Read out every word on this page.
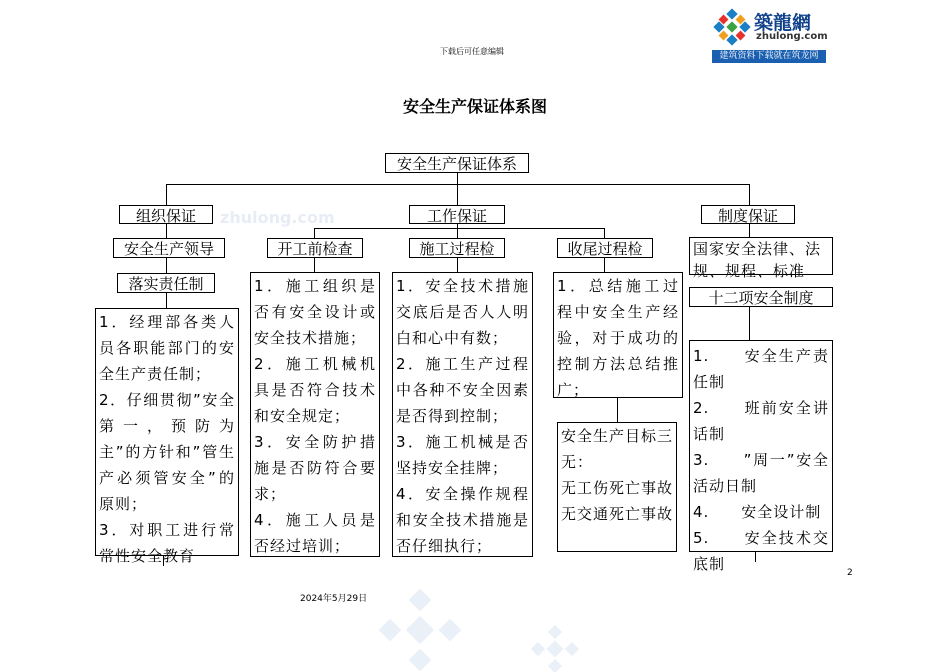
下载后可任意编辑
築龍網
zhulong.com
建筑资料下载就在筑龙网
安全生产保证体系图
zhulong.com
安全生产保证体系
组织保证	工作保证	制度保证
安全生产领导
落实责任制

1．经理部各类人员各职能部门的安全生产责任制；

2．仔细贯彻”安全第一，预防为主”的方针和”管生产必须管安全”的原则；

3．对职工进行常常性安全教育

开工前检查	施工过程检	收尾过程检

1．施工组织是否有安全设计或安全技术措施；

2．施工机械机具是否符合技术和安全规定；

3．安全防护措施是否防符合要求；

4．施工人员是否经过培训；

1．安全技术措施交底后是否人人明白和心中有数；

2．施工生产过程中各种不安全因素是否得到控制；

3．施工机械是否坚持安全挂牌；

4．安全操作规程和安全技术措施是否仔细执行；

1．总结施工过程中安全生产经验，对于成功的控制方法总结推广；

安全生产目标三无：

无工伤死亡事故

无交通死亡事故

国家安全法律、法规、规程、标准
十二项安全制度

1.　　安全生产责任制

2.　　班前安全讲话制

3.　　”周一”安全活动日制

4.　　安全设计制

5.　　安全技术交底制	2
2024年5月29日
